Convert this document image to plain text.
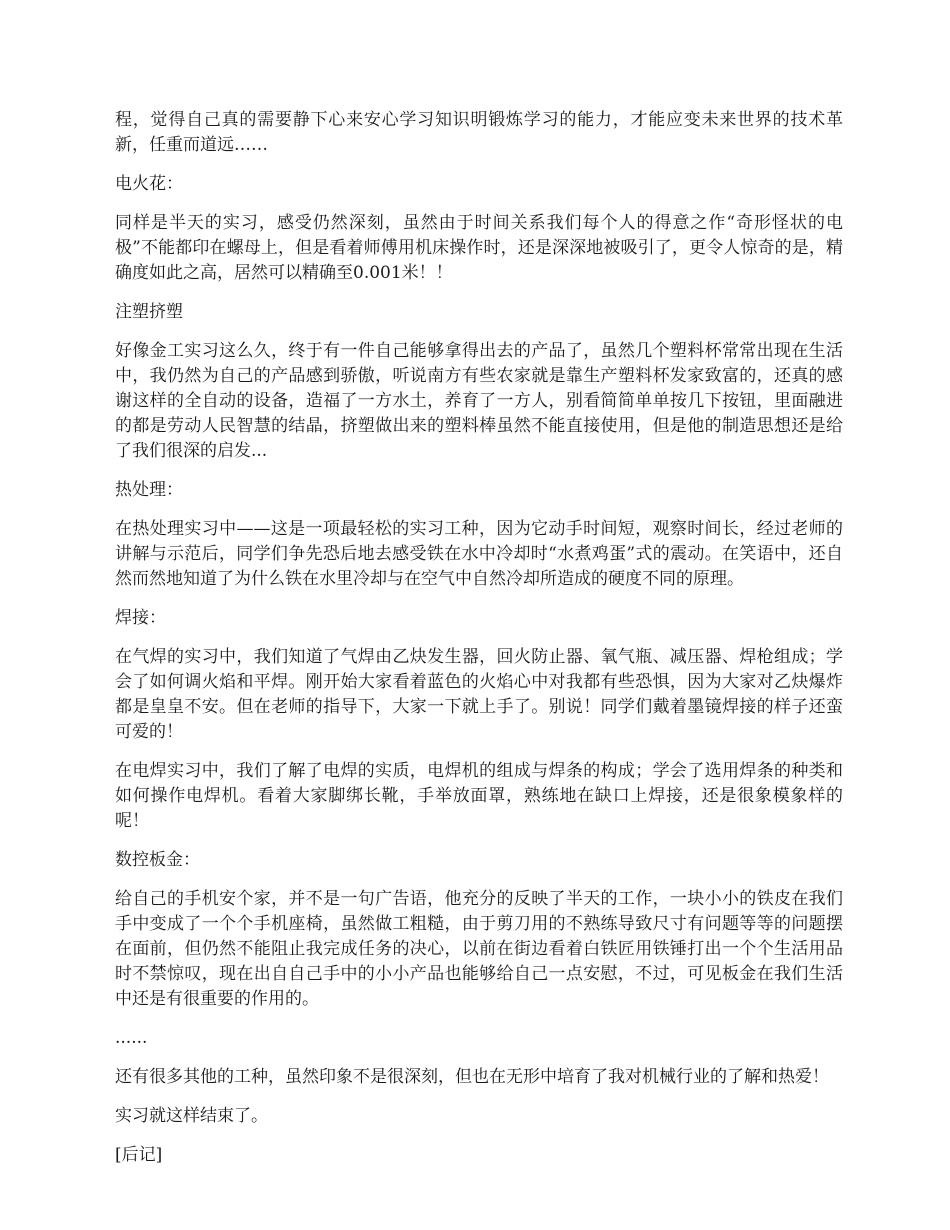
程，觉得自己真的需要静下心来安心学习知识明锻炼学习的能力，才能应变未来世界的技术革新，任重而道远……

电火花：

同样是半天的实习，感受仍然深刻，虽然由于时间关系我们每个人的得意之作“奇形怪状的电极”不能都印在螺母上，但是看着师傅用机床操作时，还是深深地被吸引了，更令人惊奇的是，精确度如此之高，居然可以精确至0.001米！！

注塑挤塑

好像金工实习这么久，终于有一件自己能够拿得出去的产品了，虽然几个塑料杯常常出现在生活中，我仍然为自己的产品感到骄傲，听说南方有些农家就是靠生产塑料杯发家致富的，还真的感谢这样的全自动的设备，造福了一方水土，养育了一方人，别看简简单单按几下按钮，里面融进的都是劳动人民智慧的结晶，挤塑做出来的塑料棒虽然不能直接使用，但是他的制造思想还是给了我们很深的启发...

热处理：

在热处理实习中——这是一项最轻松的实习工种，因为它动手时间短，观察时间长，经过老师的讲解与示范后，同学们争先恐后地去感受铁在水中冷却时“水煮鸡蛋”式的震动。在笑语中，还自然而然地知道了为什么铁在水里冷却与在空气中自然冷却所造成的硬度不同的原理。

焊接：

在气焊的实习中，我们知道了气焊由乙炔发生器，回火防止器、氧气瓶、减压器、焊枪组成；学会了如何调火焰和平焊。刚开始大家看着蓝色的火焰心中对我都有些恐惧，因为大家对乙炔爆炸都是皇皇不安。但在老师的指导下，大家一下就上手了。别说！同学们戴着墨镜焊接的样子还蛮可爱的！

在电焊实习中，我们了解了电焊的实质，电焊机的组成与焊条的构成；学会了选用焊条的种类和如何操作电焊机。看着大家脚绑长靴，手举放面罩，熟练地在缺口上焊接，还是很象模象样的呢！

数控板金：

给自己的手机安个家，并不是一句广告语，他充分的反映了半天的工作，一块小小的铁皮在我们手中变成了一个个手机座椅，虽然做工粗糙，由于剪刀用的不熟练导致尺寸有问题等等的问题摆在面前，但仍然不能阻止我完成任务的决心，以前在街边看着白铁匠用铁锤打出一个个生活用品时不禁惊叹，现在出自自己手中的小小产品也能够给自己一点安慰，不过，可见板金在我们生活中还是有很重要的作用的。

......

还有很多其他的工种，虽然印象不是很深刻，但也在无形中培育了我对机械行业的了解和热爱！

实习就这样结束了。

[后记]
